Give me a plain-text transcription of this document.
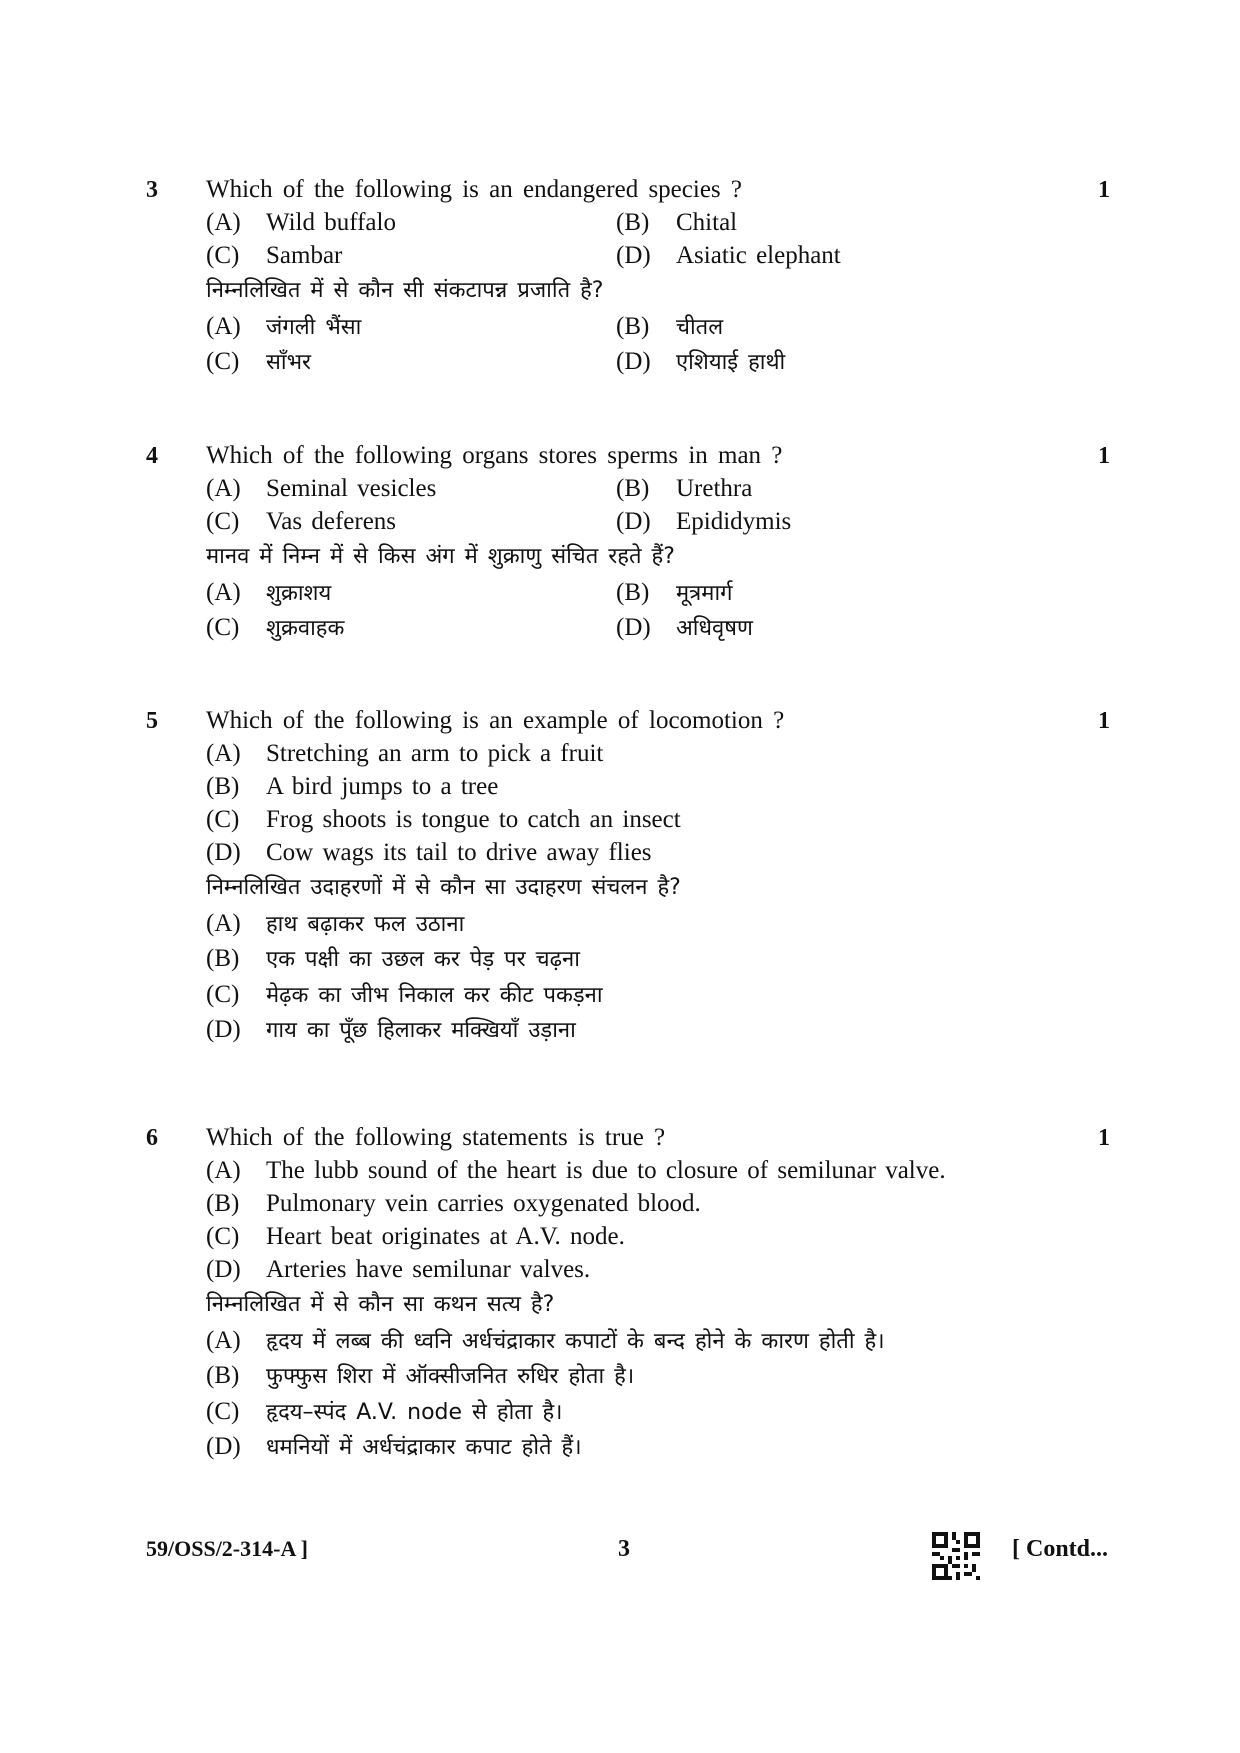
3 Which of the following is an endangered species ?	1
(A) Wild buffalo	(B) Chital
(C) Sambar	(D) Asiatic elephant
निम्नलिखित में से कौन सी संकटापन्न प्रजाति है?
(A) जंगली भैंसा	(B) चीतल
(C) साँभर	(D) एशियाई हाथी
4 Which of the following organs stores sperms in man ?	1
(A) Seminal vesicles	(B) Urethra
(C) Vas deferens	(D) Epididymis
मानव में निम्न में से किस अंग में शुक्राणु संचित रहते हैं?
(A) शुक्राशय	(B) मूत्रमार्ग
(C) शुक्रवाहक	(D) अधिवृषण
5 Which of the following is an example of locomotion ?	1
(A) Stretching an arm to pick a fruit
(B) A bird jumps to a tree
(C) Frog shoots is tongue to catch an insect
(D) Cow wags its tail to drive away flies
निम्नलिखित उदाहरणों में से कौन सा उदाहरण संचलन है?
(A) हाथ बढ़ाकर फल उठाना
(B) एक पक्षी का उछल कर पेड़ पर चढ़ना
(C) मेढ़क का जीभ निकाल कर कीट पकड़ना
(D) गाय का पूँछ हिलाकर मक्खियाँ उड़ाना
6 Which of the following statements is true ?	1
(A) The lubb sound of the heart is due to closure of semilunar valve.
(B) Pulmonary vein carries oxygenated blood.
(C) Heart beat originates at A.V. node.
(D) Arteries have semilunar valves.
निम्नलिखित में से कौन सा कथन सत्य है?
(A) हृदय में लब्ब की ध्वनि अर्धचंद्राकार कपाटों के बन्द होने के कारण होती है।
(B) फुफ्फुस शिरा में ऑक्सीजनित रुधिर होता है।
(C) हृदय–स्पंद A.V. node से होता है।
(D) धमनियों में अर्धचंद्राकार कपाट होते हैं।
59/OSS/2-314-A ]	3	[ Contd...
